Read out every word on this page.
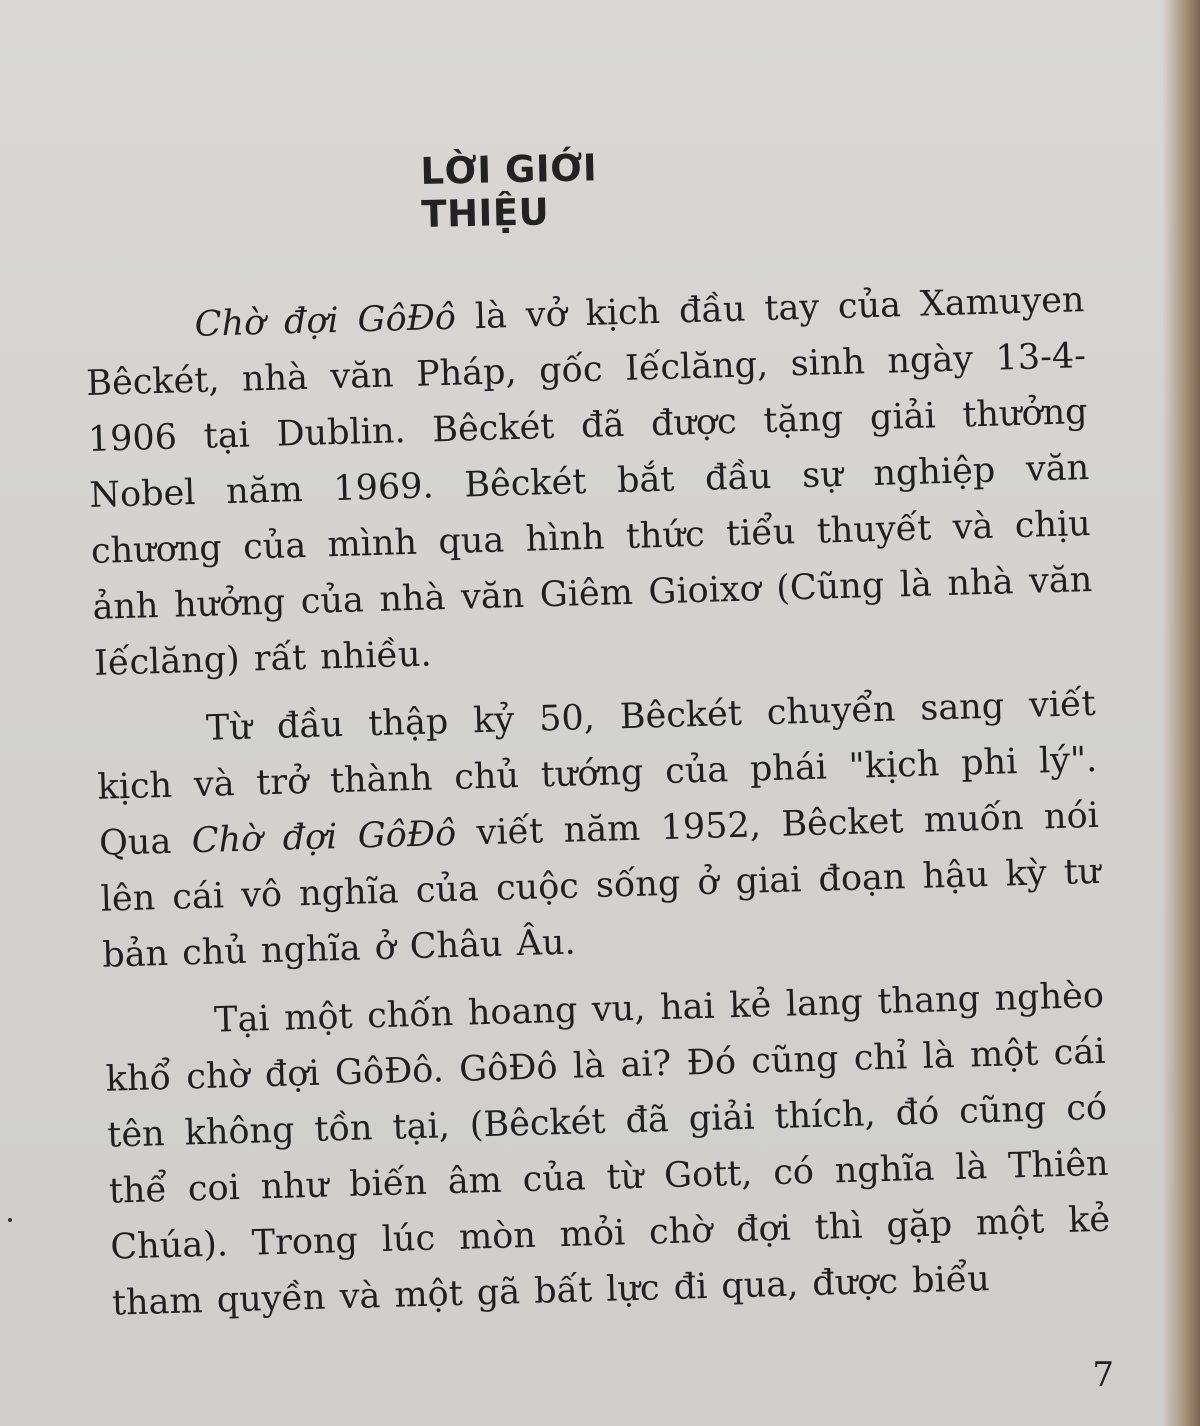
LỜI GIỚI THIỆU

Chờ đợi GôĐô là vở kịch đầu tay của Xamuyen Bêckét, nhà văn Pháp, gốc Iếclăng, sinh ngày 13-4-1906 tại Dublin. Bêckét đã được tặng giải thưởng Nobel năm 1969. Bêckét bắt đầu sự nghiệp văn chương của mình qua hình thức tiểu thuyết và chịu ảnh hưởng của nhà văn Giêm Gioixơ (Cũng là nhà văn Iếclăng) rất nhiều.

Từ đầu thập kỷ 50, Bêckét chuyển sang viết kịch và trở thành chủ tướng của phái "kịch phi lý". Qua Chờ đợi GôĐô viết năm 1952, Bêcket muốn nói lên cái vô nghĩa của cuộc sống ở giai đoạn hậu kỳ tư bản chủ nghĩa ở Châu Âu.

Tại một chốn hoang vu, hai kẻ lang thang nghèo khổ chờ đợi GôĐô. GôĐô là ai? Đó cũng chỉ là một cái tên không tồn tại, (Bêckét đã giải thích, đó cũng có thể coi như biến âm của từ Gott, có nghĩa là Thiên Chúa). Trong lúc mòn mỏi chờ đợi thì gặp một kẻ tham quyền và một gã bất lực đi qua, được biểu

7
